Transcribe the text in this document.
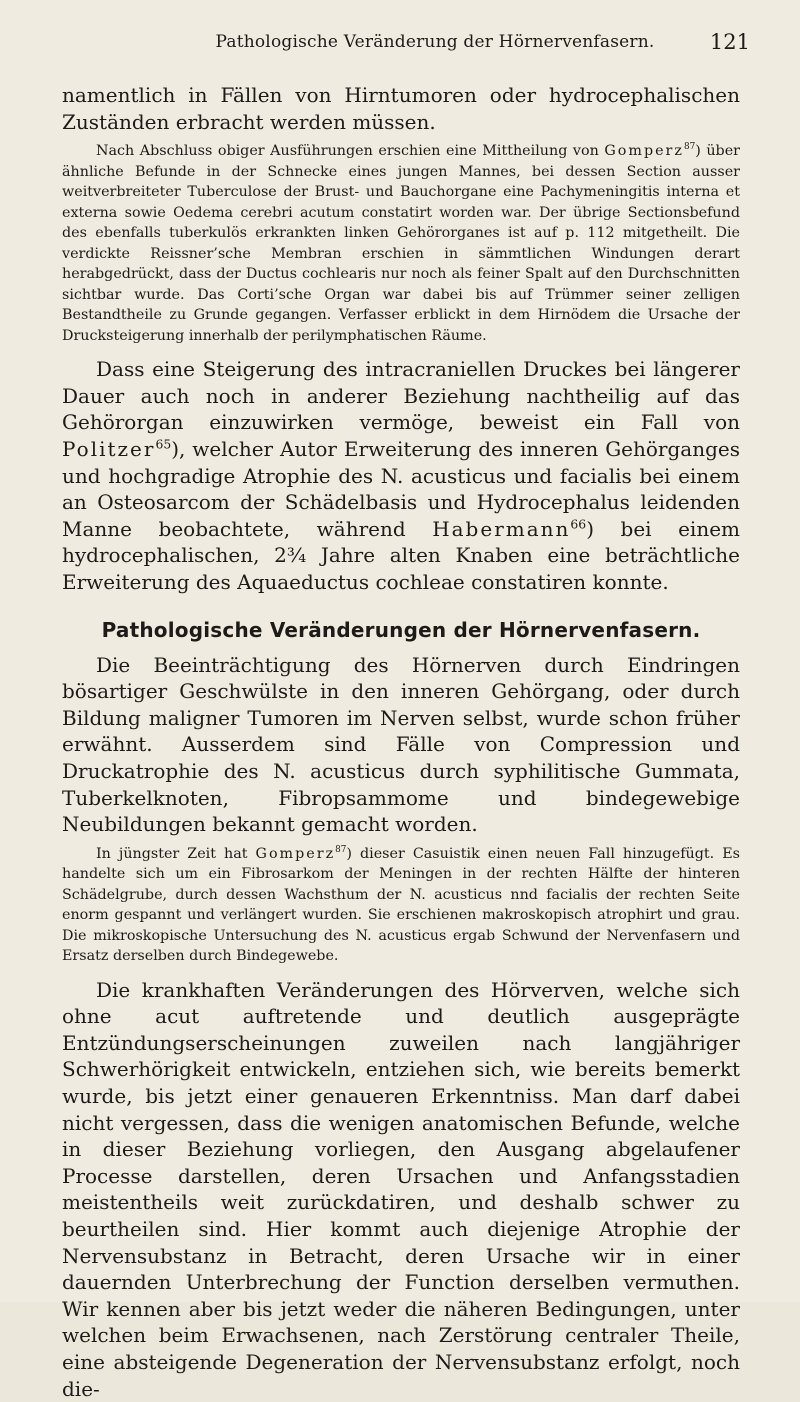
Pathologische Veränderung der Hörnervenfasern.	121

namentlich in Fällen von Hirntumoren oder hydrocephalischen Zuständen erbracht werden müssen.

Nach Abschluss obiger Ausführungen erschien eine Mittheilung von Gomperz$^{87}$) über ähnliche Befunde in der Schnecke eines jungen Mannes, bei dessen Section ausser weitverbreiteter Tuberculose der Brust- und Bauchorgane eine Pachymeningitis interna et externa sowie Oedema cerebri acutum constatirt worden war. Der übrige Sectionsbefund des ebenfalls tuberkulös erkrankten linken Gehörorganes ist auf p. 112 mitgetheilt. Die verdickte Reissner’sche Membran erschien in sämmtlichen Windungen derart herabgedrückt, dass der Ductus cochlearis nur noch als feiner Spalt auf den Durchschnitten sichtbar wurde. Das Corti’sche Organ war dabei bis auf Trümmer seiner zelligen Bestandtheile zu Grunde gegangen. Verfasser erblickt in dem Hirnödem die Ursache der Drucksteigerung innerhalb der perilymphatischen Räume.

Dass eine Steigerung des intracraniellen Druckes bei längerer Dauer auch noch in anderer Beziehung nachtheilig auf das Gehörorgan einzuwirken vermöge, beweist ein Fall von Politzer$^{65}$), welcher Autor Erweiterung des inneren Gehörganges und hochgradige Atrophie des N. acusticus und facialis bei einem an Osteosarcom der Schädelbasis und Hydrocephalus leidenden Manne beobachtete, während Habermann$^{66}$) bei einem hydrocephalischen, 2¾ Jahre alten Knaben eine beträchtliche Erweiterung des Aquaeductus cochleae constatiren konnte.

Pathologische Veränderungen der Hörnervenfasern.

Die Beeinträchtigung des Hörnerven durch Eindringen bösartiger Geschwülste in den inneren Gehörgang, oder durch Bildung maligner Tumoren im Nerven selbst, wurde schon früher erwähnt. Ausserdem sind Fälle von Compression und Druckatrophie des N. acusticus durch syphilitische Gummata, Tuberkelknoten, Fibropsammome und bindegewebige Neubildungen bekannt gemacht worden.

In jüngster Zeit hat Gomperz$^{87}$) dieser Casuistik einen neuen Fall hinzugefügt. Es handelte sich um ein Fibrosarkom der Meningen in der rechten Hälfte der hinteren Schädelgrube, durch dessen Wachsthum der N. acusticus nnd facialis der rechten Seite enorm gespannt und verlängert wurden. Sie erschienen makroskopisch atrophirt und grau. Die mikroskopische Untersuchung des N. acusticus ergab Schwund der Nervenfasern und Ersatz derselben durch Bindegewebe.

Die krankhaften Veränderungen des Hörverven, welche sich ohne acut auftretende und deutlich ausgeprägte Entzündungserscheinungen zuweilen nach langjähriger Schwerhörigkeit entwickeln, entziehen sich, wie bereits bemerkt wurde, bis jetzt einer genaueren Erkenntniss. Man darf dabei nicht vergessen, dass die wenigen anatomischen Befunde, welche in dieser Beziehung vorliegen, den Ausgang abgelaufener Processe darstellen, deren Ursachen und Anfangsstadien meistentheils weit zurückdatiren, und deshalb schwer zu beurtheilen sind. Hier kommt auch diejenige Atrophie der Nervensubstanz in Betracht, deren Ursache wir in einer dauernden Unterbrechung der Function derselben vermuthen. Wir kennen aber bis jetzt weder die näheren Bedingungen, unter welchen beim Erwachsenen, nach Zerstörung centraler Theile, eine absteigende Degeneration der Nervensubstanz erfolgt, noch die-
